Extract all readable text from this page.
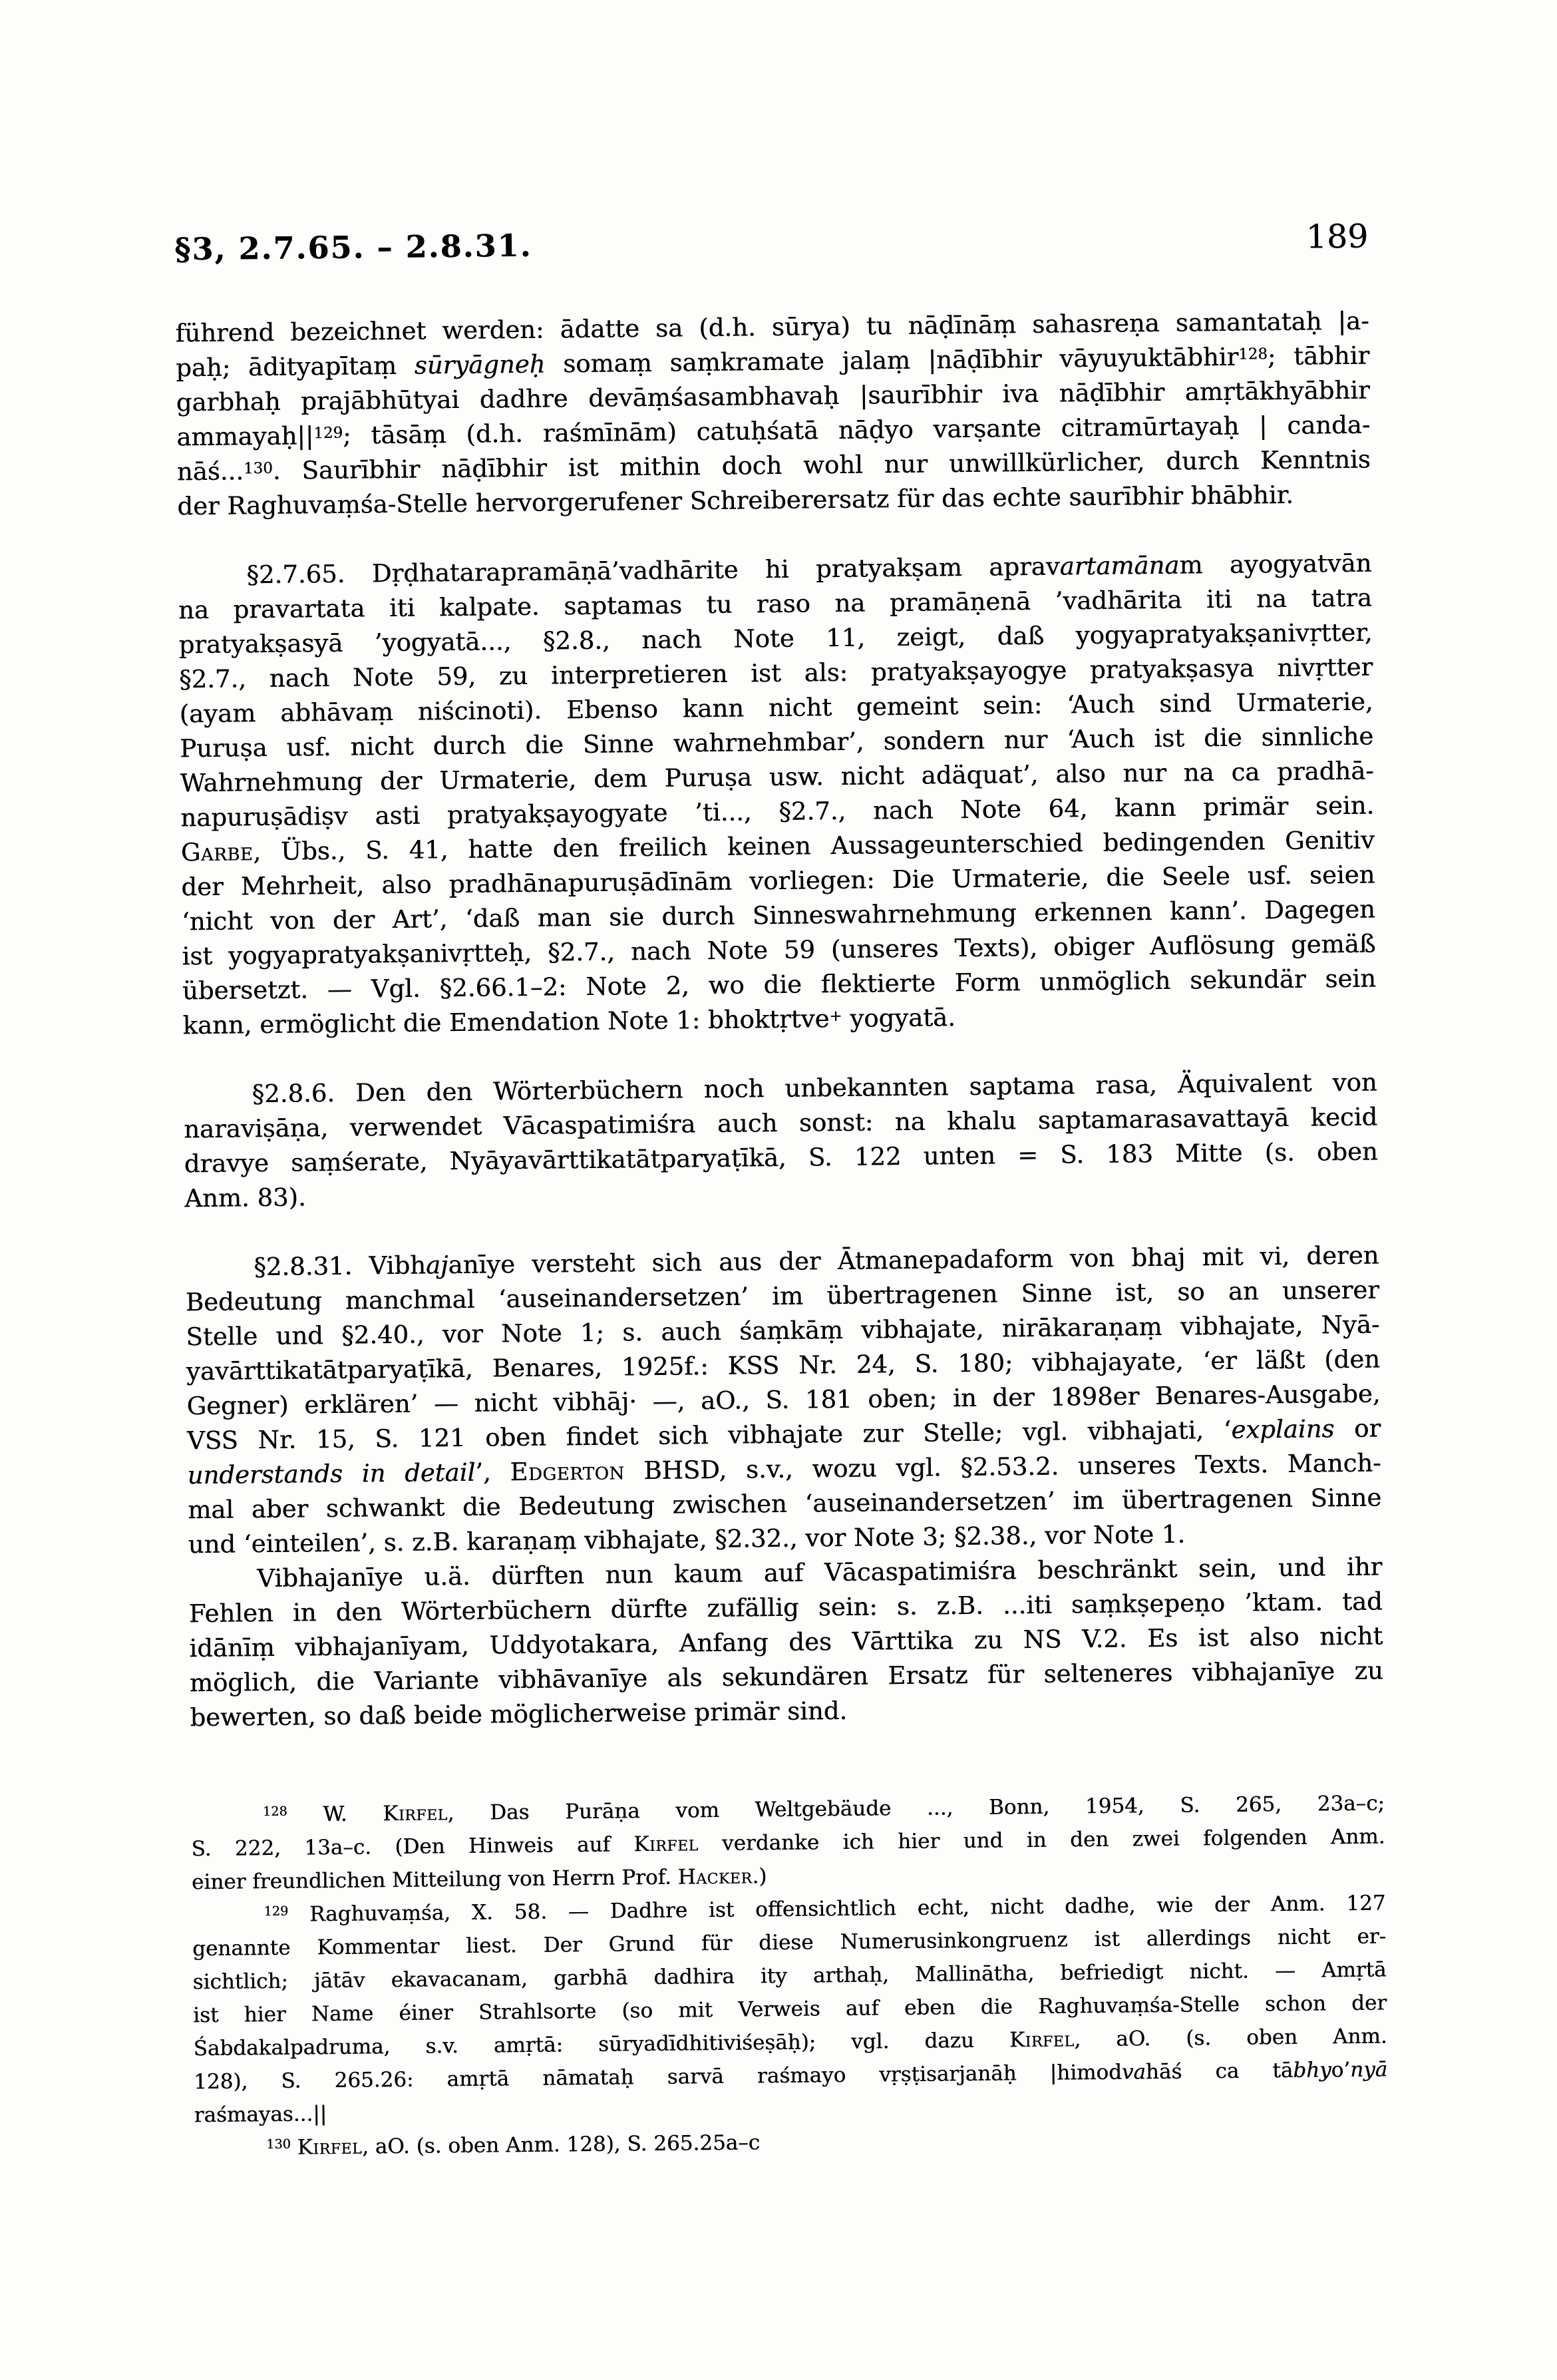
§3, 2.7.65. – 2.8.31.	189
führend bezeichnet werden: ādatte sa (d.h. sūrya) tu nāḍīnāṃ sahasreṇa samantataḥ |a-
paḥ; ādityapītaṃ sūryāgneḥ somaṃ saṃkramate jalaṃ |nāḍībhir vāyuyuktābhir$^{128}$; tābhir
garbhaḥ prajābhūtyai dadhre devāṃśasambhavaḥ |saurībhir iva nāḍībhir amṛtākhyābhir
$ammayaḥ||^{129}$; tāsāṃ (d.h. raśmīnām) catuḥśatā nāḍyo varṣante citramūrtayaḥ | canda-
nāś...$^{130}$. Saurībhir nāḍībhir ist mithin doch wohl nur unwillkürlicher, durch Kenntnis
der Raghuvaṃśa-Stelle hervorgerufener Schreiberersatz für das echte saurībhir bhābhir.
§2.7.65. Dṛḍhatarapramāṇā’vadhārite hi pratyakṣam apravartamānam ayogyatvān
na pravartata iti kalpate. saptamas tu raso na pramāṇenā ’vadhārita iti na tatra
pratyakṣasyā ’yogyatā..., §2.8., nach Note 11, zeigt, daß yogyapratyakṣanivṛtter,
§2.7., nach Note 59, zu interpretieren ist als: pratyakṣayogye pratyakṣasya nivṛtter
(ayam abhāvaṃ niścinoti). Ebenso kann nicht gemeint sein: ‘Auch sind Urmaterie,
Puruṣa usf. nicht durch die Sinne wahrnehmbar’, sondern nur ‘Auch ist die sinnliche
Wahrnehmung der Urmaterie, dem Puruṣa usw. nicht adäquat’, also nur na ca pradhā-
napuruṣādiṣv asti pratyakṣayogyate ’ti..., §2.7., nach Note 64, kann primär sein.
Garbe, Übs., S. 41, hatte den freilich keinen Aussageunterschied bedingenden Genitiv
der Mehrheit, also pradhānapuruṣādīnām vorliegen: Die Urmaterie, die Seele usf. seien
‘nicht von der Art’, ‘daß man sie durch Sinneswahrnehmung erkennen kann’. Dagegen
ist yogyapratyakṣanivṛtteḥ, §2.7., nach Note 59 (unseres Texts), obiger Auflösung gemäß
übersetzt. — Vgl. §2.66.1–2: Note 2, wo die flektierte Form unmöglich sekundär sein
kann, ermöglicht die Emendation Note 1: bhoktṛtve+ yogyatā.
§2.8.6. Den den Wörterbüchern noch unbekannten saptama rasa, Äquivalent von
naraviṣāṇa, verwendet Vācaspatimiśra auch sonst: na khalu saptamarasavattayā kecid
dravye saṃśerate, Nyāyavārttikatātparyaṭīkā, S. 122 unten = S. 183 Mitte (s. oben
Anm. 83).
§2.8.31. Vibhajanīye versteht sich aus der Ātmanepadaform von bhaj mit vi, deren
Bedeutung manchmal ‘auseinandersetzen’ im übertragenen Sinne ist, so an unserer
Stelle und §2.40., vor Note 1; s. auch śaṃkāṃ vibhajate, nirākaraṇaṃ vibhajate, Nyā-
yavārttikatātparyaṭīkā, Benares, 1925f.: KSS Nr. 24, S. 180; vibhajayate, ‘er läßt (den
Gegner) erklären’ — nicht vibhāj· —, aO., S. 181 oben; in der 1898er Benares-Ausgabe,
VSS Nr. 15, S. 121 oben findet sich vibhajate zur Stelle; vgl. vibhajati, ‘explains or
understands in detail’, Edgerton BHSD, s.v., wozu vgl. §2.53.2. unseres Texts. Manch-
mal aber schwankt die Bedeutung zwischen ‘auseinandersetzen’ im übertragenen Sinne
und ‘einteilen’, s. z.B. karaṇaṃ vibhajate, §2.32., vor Note 3; §2.38., vor Note 1.
Vibhajanīye u.ä. dürften nun kaum auf Vācaspatimiśra beschränkt sein, und ihr
Fehlen in den Wörterbüchern dürfte zufällig sein: s. z.B. ...iti saṃkṣepeṇo ’ktam. tad
idānīṃ vibhajanīyam, Uddyotakara, Anfang des Vārttika zu NS V.2. Es ist also nicht
möglich, die Variante vibhāvanīye als sekundären Ersatz für selteneres vibhajanīye zu
bewerten, so daß beide möglicherweise primär sind.
$^{128}$ W. Kirfel, Das Purāṇa vom Weltgebäude ..., Bonn, 1954, S. 265, 23a–c;
S. 222, 13a–c. (Den Hinweis auf Kirfel verdanke ich hier und in den zwei folgenden Anm.
einer freundlichen Mitteilung von Herrn Prof. Hacker.)
$^{129}$ Raghuvaṃśa, X. 58. — Dadhre ist offensichtlich echt, nicht dadhe, wie der Anm. 127
genannte Kommentar liest. Der Grund für diese Numerusinkongruenz ist allerdings nicht er-
sichtlich; jātāv ekavacanam, garbhā dadhira ity arthaḥ, Mallinātha, befriedigt nicht. — Amṛtā
ist hier Name éiner Strahlsorte (so mit Verweis auf eben die Raghuvaṃśa-Stelle schon der
Śabdakalpadruma, s.v. amṛtā: sūryadīdhitiviśeṣāḥ); vgl. dazu Kirfel, aO. (s. oben Anm.
128), S. 265.26: amṛtā nāmataḥ sarvā raśmayo vṛṣṭisarjanāḥ |himodvahāś ca tābhyo’nyā
raśmayas...||
$^{130}$ Kirfel, aO. (s. oben Anm. 128), S. 265.25a–c
